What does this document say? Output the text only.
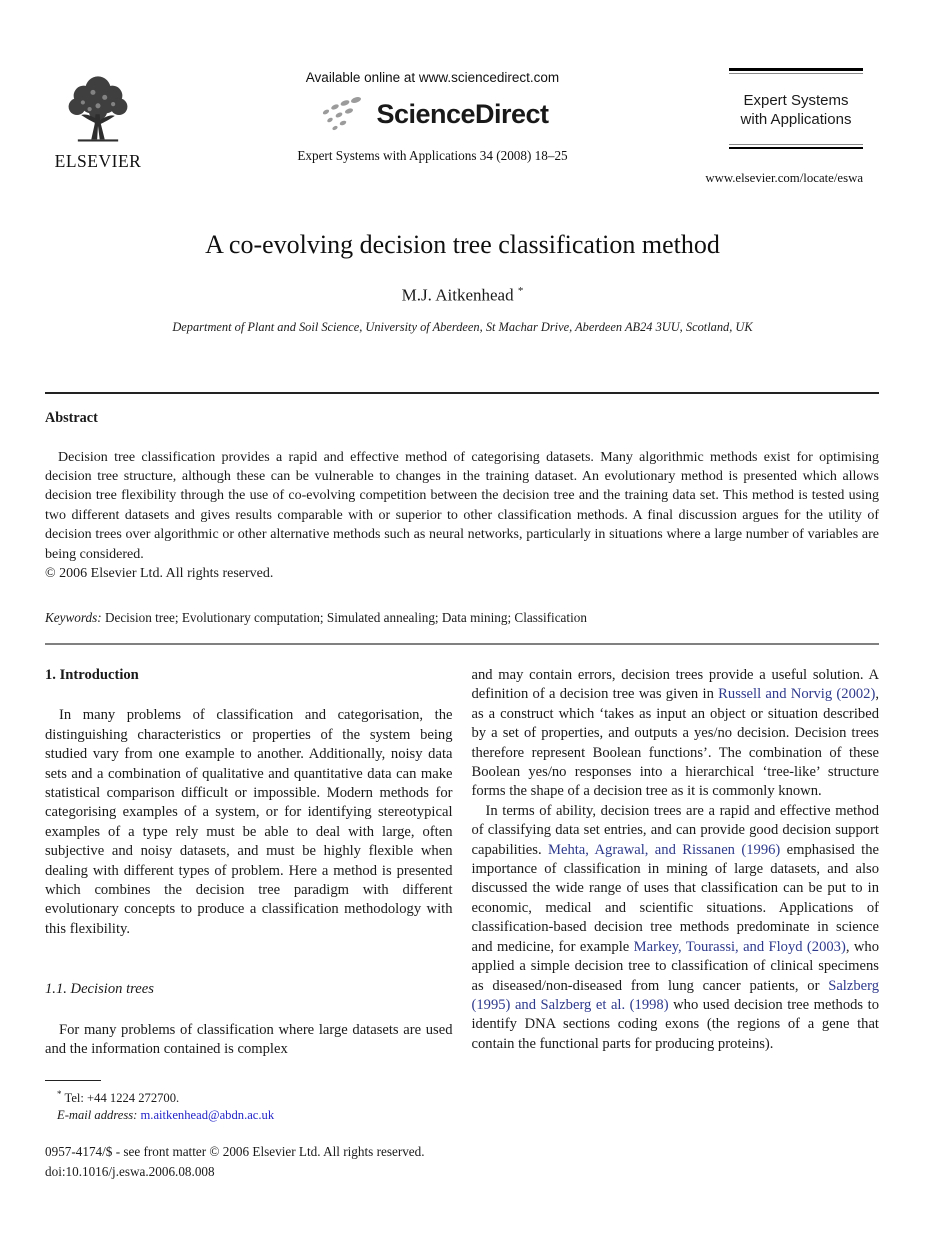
ELSEVIER
Available online at www.sciencedirect.com
ScienceDirect
Expert Systems with Applications 34 (2008) 18–25
Expert Systems
with Applications
www.elsevier.com/locate/eswa
A co-evolving decision tree classification method
M.J. Aitkenhead *
Department of Plant and Soil Science, University of Aberdeen, St Machar Drive, Aberdeen AB24 3UU, Scotland, UK
Abstract
Decision tree classification provides a rapid and effective method of categorising datasets. Many algorithmic methods exist for optimising decision tree structure, although these can be vulnerable to changes in the training dataset. An evolutionary method is presented which allows decision tree flexibility through the use of co-evolving competition between the decision tree and the training data set. This method is tested using two different datasets and gives results comparable with or superior to other classification methods. A final discussion argues for the utility of decision trees over algorithmic or other alternative methods such as neural networks, particularly in situations where a large number of variables are being considered.
© 2006 Elsevier Ltd. All rights reserved.
Keywords: Decision tree; Evolutionary computation; Simulated annealing; Data mining; Classification
1. Introduction
In many problems of classification and categorisation, the distinguishing characteristics or properties of the system being studied vary from one example to another. Additionally, noisy data sets and a combination of qualitative and quantitative data can make statistical comparison difficult or impossible. Modern methods for categorising examples of a system, or for identifying stereotypical examples of a type rely must be able to deal with large, often subjective and noisy datasets, and must be highly flexible when dealing with different types of problem. Here a method is presented which combines the decision tree paradigm with different evolutionary concepts to produce a classification methodology with this flexibility.
1.1. Decision trees
For many problems of classification where large datasets are used and the information contained is complex
* Tel: +44 1224 272700.
E-mail address: m.aitkenhead@abdn.ac.uk
0957-4174/$ - see front matter © 2006 Elsevier Ltd. All rights reserved.
doi:10.1016/j.eswa.2006.08.008
and may contain errors, decision trees provide a useful solution. A definition of a decision tree was given in Russell and Norvig (2002), as a construct which ‘takes as input an object or situation described by a set of properties, and outputs a yes/no decision. Decision trees therefore represent Boolean functions’. The combination of these Boolean yes/no responses into a hierarchical ‘tree-like’ structure forms the shape of a decision tree as it is commonly known.
In terms of ability, decision trees are a rapid and effective method of classifying data set entries, and can provide good decision support capabilities. Mehta, Agrawal, and Rissanen (1996) emphasised the importance of classification in mining of large datasets, and also discussed the wide range of uses that classification can be put to in economic, medical and scientific situations. Applications of classification-based decision tree methods predominate in science and medicine, for example Markey, Tourassi, and Floyd (2003), who applied a simple decision tree to classification of clinical specimens as diseased/non-diseased from lung cancer patients, or Salzberg (1995) and Salzberg et al. (1998) who used decision tree methods to identify DNA sections coding exons (the regions of a gene that contain the functional parts for producing proteins).
